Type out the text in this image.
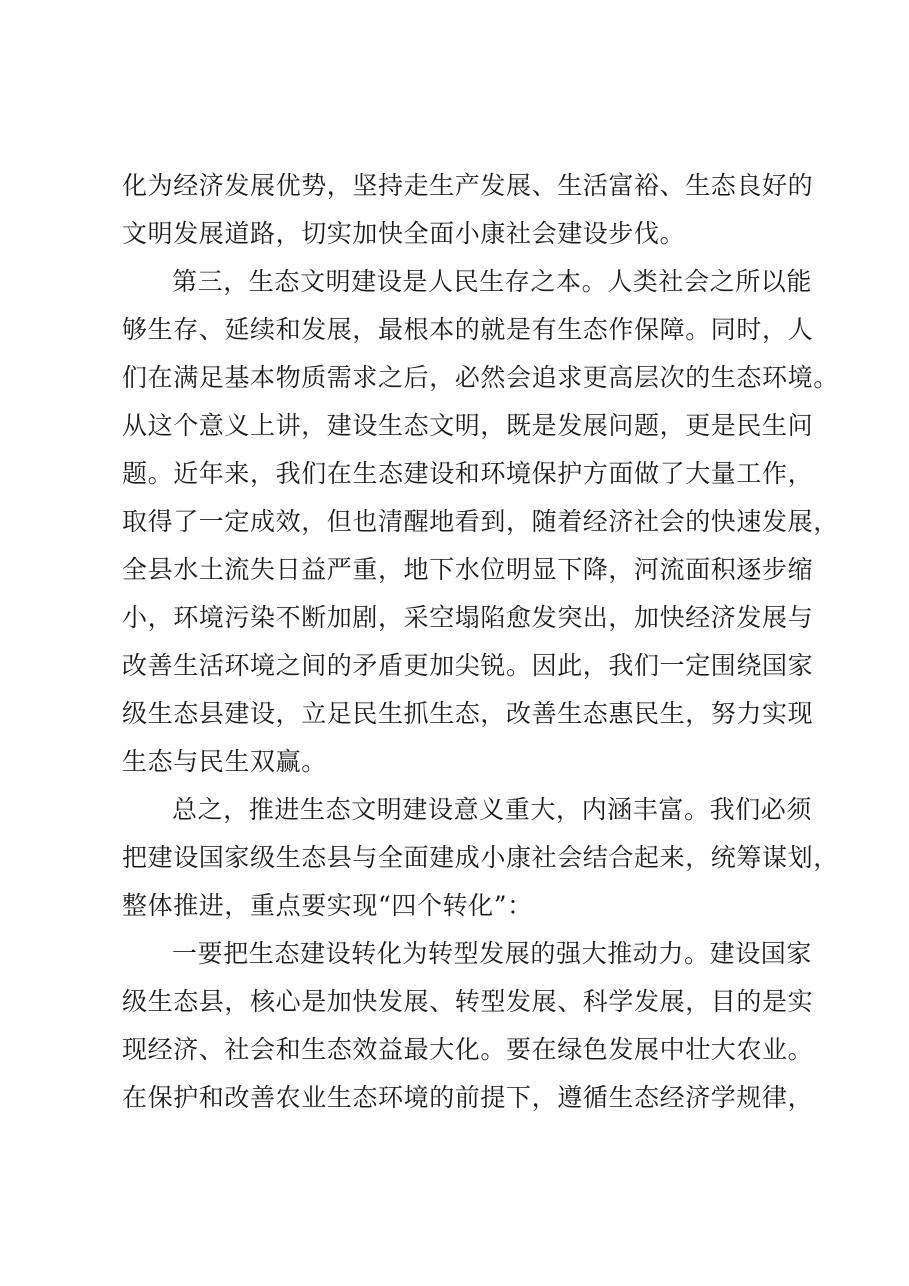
化为经济发展优势，坚持走生产发展、生活富裕、生态良好的
文明发展道路，切实加快全面小康社会建设步伐。
第三，生态文明建设是人民生存之本。人类社会之所以能
够生存、延续和发展，最根本的就是有生态作保障。同时，人
们在满足基本物质需求之后，必然会追求更高层次的生态环境。
从这个意义上讲，建设生态文明，既是发展问题，更是民生问
题。近年来，我们在生态建设和环境保护方面做了大量工作，
取得了一定成效，但也清醒地看到，随着经济社会的快速发展，
全县水土流失日益严重，地下水位明显下降，河流面积逐步缩
小，环境污染不断加剧，采空塌陷愈发突出，加快经济发展与
改善生活环境之间的矛盾更加尖锐。因此，我们一定围绕国家
级生态县建设，立足民生抓生态，改善生态惠民生，努力实现
生态与民生双赢。
总之，推进生态文明建设意义重大，内涵丰富。我们必须
把建设国家级生态县与全面建成小康社会结合起来，统筹谋划，
整体推进，重点要实现“四个转化”：
一要把生态建设转化为转型发展的强大推动力。建设国家
级生态县，核心是加快发展、转型发展、科学发展，目的是实
现经济、社会和生态效益最大化。要在绿色发展中壮大农业。
在保护和改善农业生态环境的前提下，遵循生态经济学规律，
